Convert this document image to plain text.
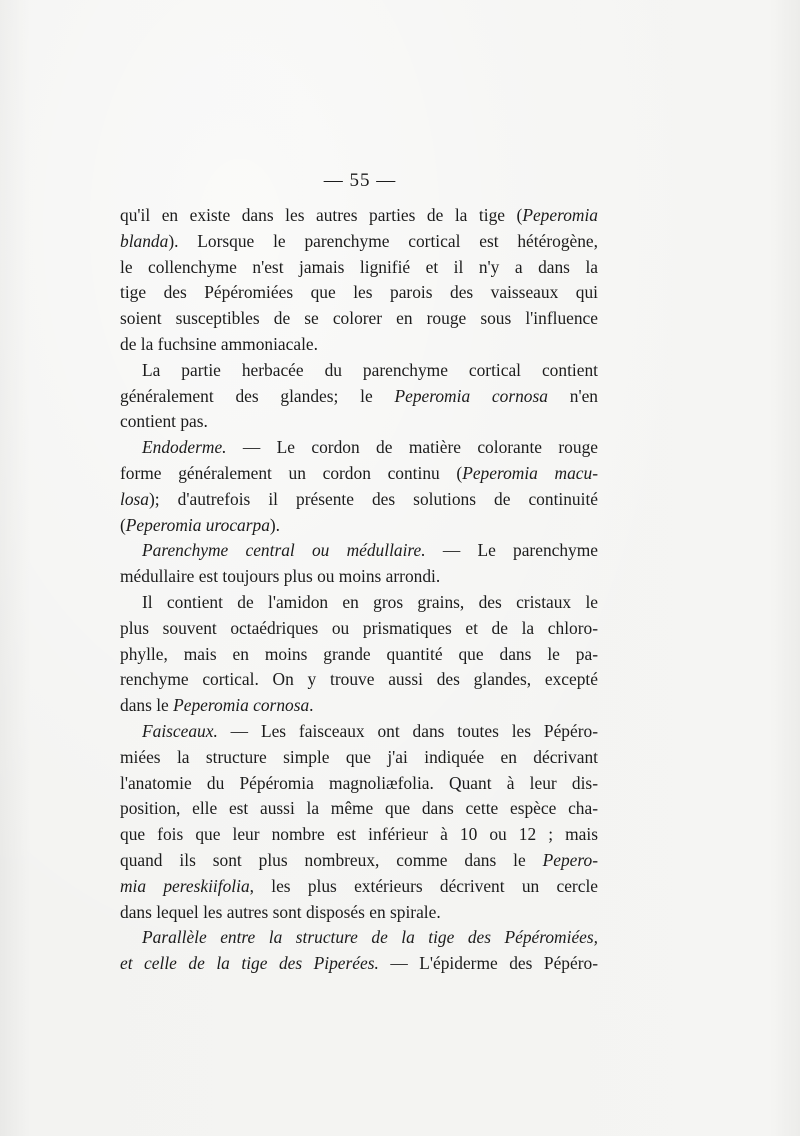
— 55 —
qu'il en existe dans les autres parties de la tige (Peperomia
blanda). Lorsque le parenchyme cortical est hétérogène,
le collenchyme n'est jamais lignifié et il n'y a dans la
tige des Pépéromiées que les parois des vaisseaux qui
soient susceptibles de se colorer en rouge sous l'influence
de la fuchsine ammoniacale.
La partie herbacée du parenchyme cortical contient
généralement des glandes; le Peperomia cornosa n'en
contient pas.
Endoderme. — Le cordon de matière colorante rouge
forme généralement un cordon continu (Peperomia macu-
losa); d'autrefois il présente des solutions de continuité
(Peperomia urocarpa).
Parenchyme central ou médullaire. — Le parenchyme
médullaire est toujours plus ou moins arrondi.
Il contient de l'amidon en gros grains, des cristaux le
plus souvent octaédriques ou prismatiques et de la chloro-
phylle, mais en moins grande quantité que dans le pa-
renchyme cortical. On y trouve aussi des glandes, excepté
dans le Peperomia cornosa.
Faisceaux. — Les faisceaux ont dans toutes les Pépéro-
miées la structure simple que j'ai indiquée en décrivant
l'anatomie du Pépéromia magnoliæfolia. Quant à leur dis-
position, elle est aussi la même que dans cette espèce cha-
que fois que leur nombre est inférieur à 10 ou 12 ; mais
quand ils sont plus nombreux, comme dans le Pepero-
mia pereskiifolia, les plus extérieurs décrivent un cercle
dans lequel les autres sont disposés en spirale.
Parallèle entre la structure de la tige des Pépéromiées,
et celle de la tige des Piperées. — L'épiderme des Pépéro-
